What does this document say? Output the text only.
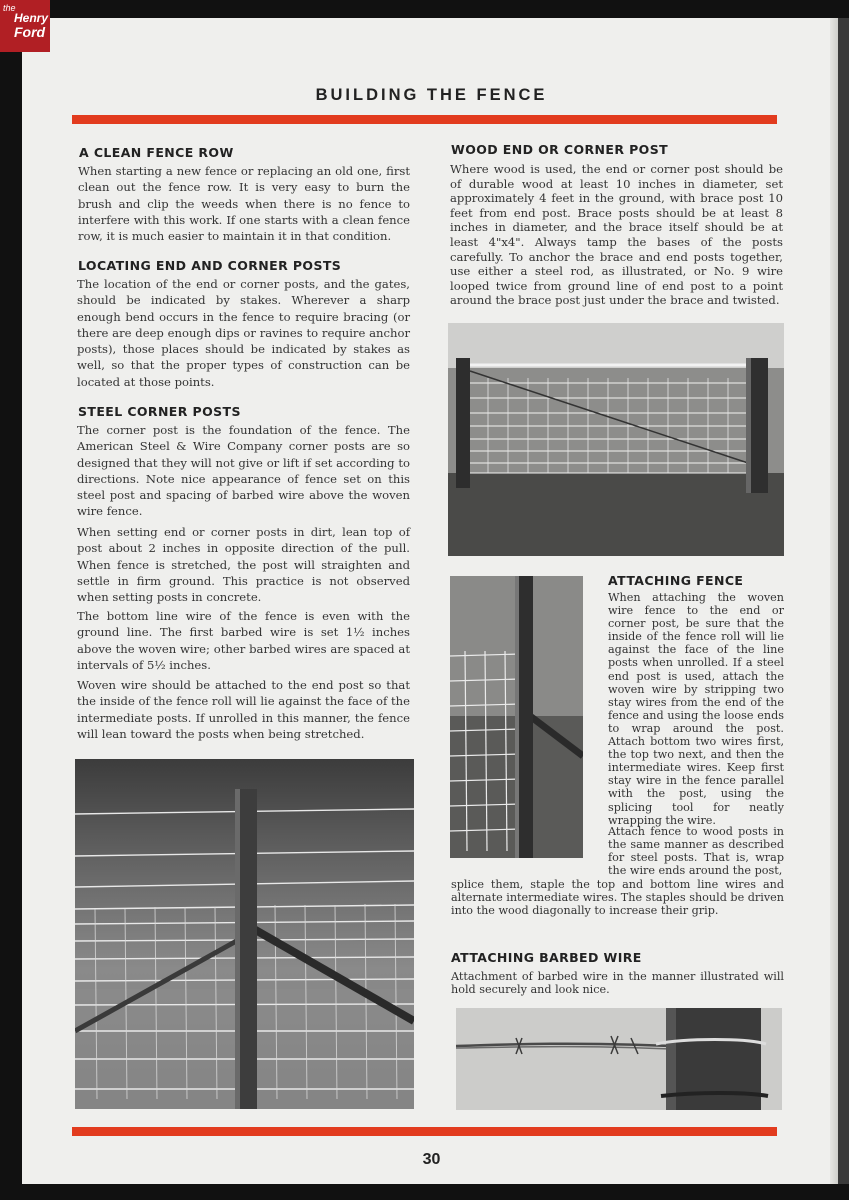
the
Henry
Ford
BUILDING THE FENCE
A CLEAN FENCE ROW

When starting a new fence or replacing an old one, first clean out the fence row. It is very easy to burn the brush and clip the weeds when there is no fence to interfere with this work. If one starts with a clean fence row, it is much easier to maintain it in that condition.

LOCATING END AND CORNER POSTS

The location of the end or corner posts, and the gates, should be indicated by stakes. Wherever a sharp enough bend occurs in the fence to require bracing (or there are deep enough dips or ravines to require anchor posts), those places should be indicated by stakes as well, so that the proper types of construction can be located at those points.

STEEL CORNER POSTS

The corner post is the foundation of the fence. The American Steel & Wire Company corner posts are so designed that they will not give or lift if set according to directions. Note nice appearance of fence set on this steel post and spacing of barbed wire above the woven wire fence.

When setting end or corner posts in dirt, lean top of post about 2 inches in opposite direction of the pull. When fence is stretched, the post will straighten and settle in firm ground. This practice is not observed when setting posts in concrete.

The bottom line wire of the fence is even with the ground line. The first barbed wire is set 1½ inches above the woven wire; other barbed wires are spaced at intervals of 5½ inches.

Woven wire should be attached to the end post so that the inside of the fence roll will lie against the face of the intermediate posts. If unrolled in this manner, the fence will lean toward the posts when being stretched.

WOOD END OR CORNER POST

Where wood is used, the end or corner post should be of durable wood at least 10 inches in diameter, set approximately 4 feet in the ground, with brace post 10 feet from end post. Brace posts should be at least 8 inches in diameter, and the brace itself should be at least 4"x4". Always tamp the bases of the posts carefully. To anchor the brace and end posts together, use either a steel rod, as illustrated, or No. 9 wire looped twice from ground line of end post to a point around the brace post just under the brace and twisted.

ATTACHING FENCE

When attaching the woven wire fence to the end or corner post, be sure that the inside of the fence roll will lie against the face of the line posts when unrolled. If a steel end post is used, attach the woven wire by stripping two stay wires from the end of the fence and using the loose ends to wrap around the post. Attach bottom two wires first, the top two next, and then the intermediate wires. Keep first stay wire in the fence parallel with the post, using the splicing tool for neatly wrapping the wire.

Attach fence to wood posts in the same manner as described for steel posts. That is, wrap the wire ends around the post,

splice them, staple the top and bottom line wires and alternate intermediate wires. The staples should be driven into the wood diagonally to increase their grip.

ATTACHING BARBED WIRE

Attachment of barbed wire in the manner illustrated will hold securely and look nice.

30
